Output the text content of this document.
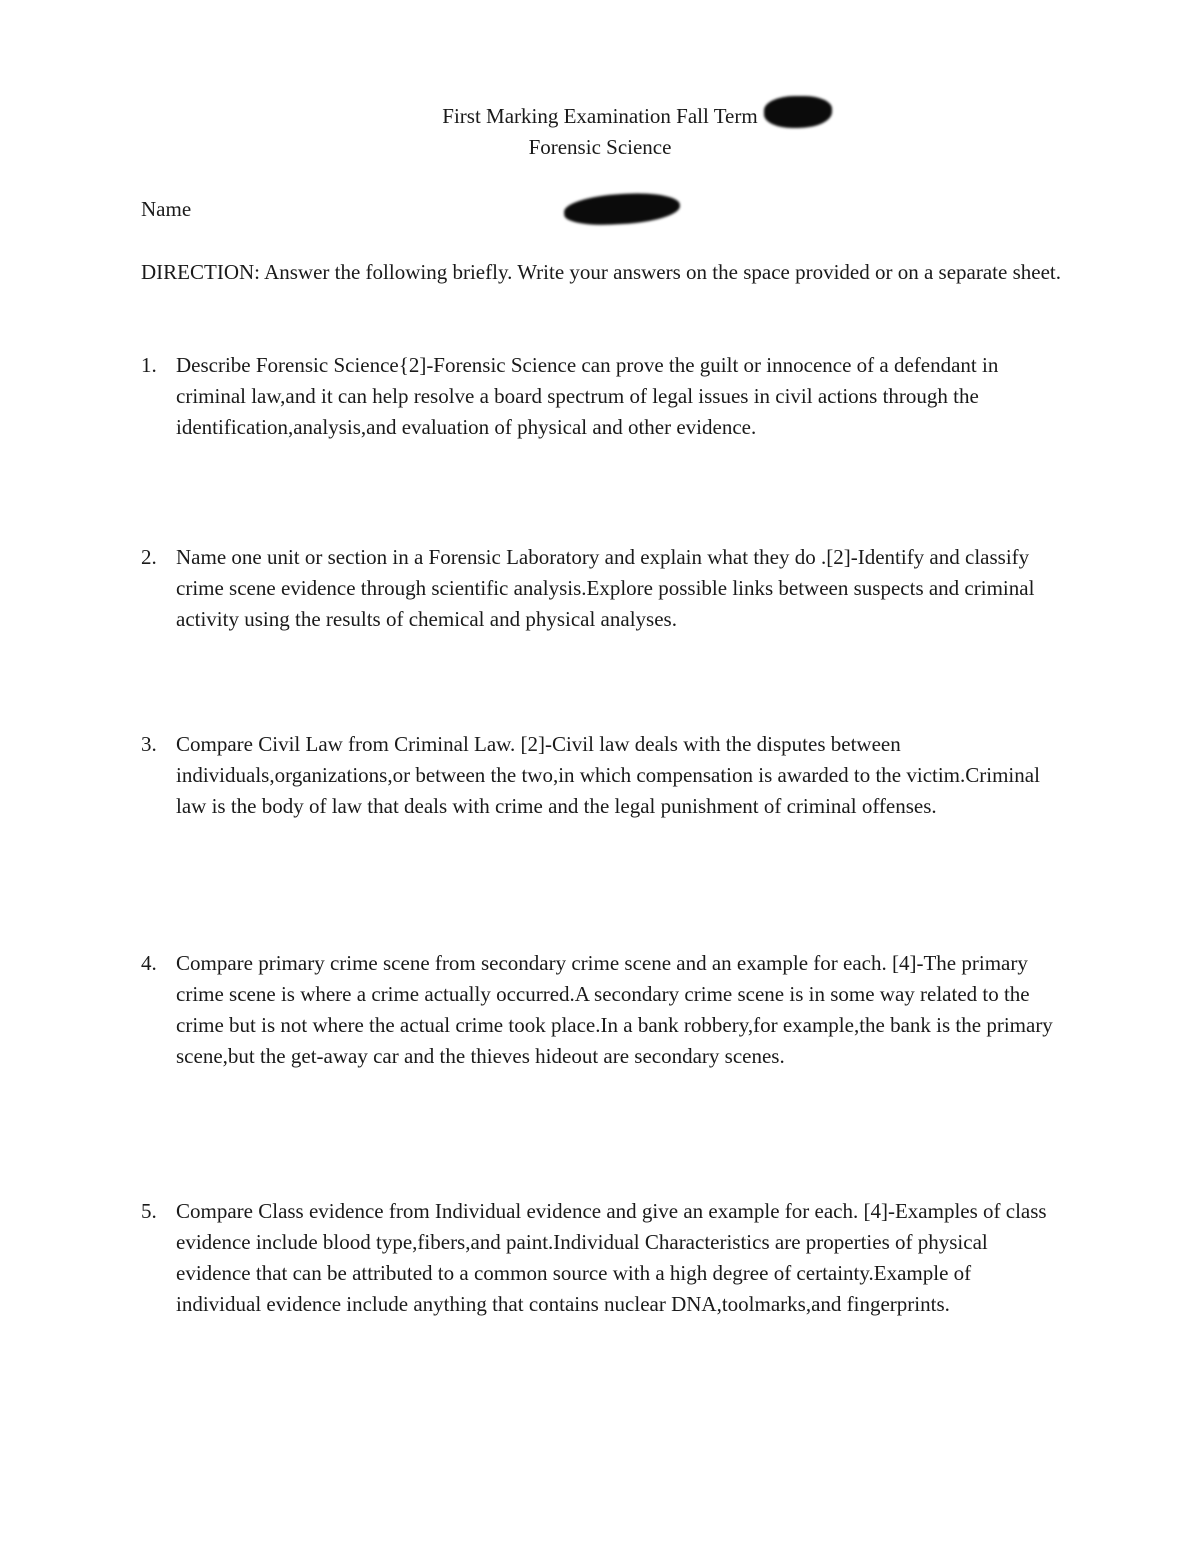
First Marking Examination Fall Term
Forensic Science
Name
DIRECTION: Answer the following briefly. Write your answers on the space provided or on a separate sheet.
1. Describe Forensic Science{2]-Forensic Science can prove the guilt or innocence of a defendant in criminal law,and it can help resolve a board spectrum of legal issues in civil actions through the identification,analysis,and evaluation of physical and other evidence.
2. Name one unit or section in a Forensic Laboratory and explain what they do .[2]-Identify and classify crime scene evidence through scientific analysis.Explore possible links between suspects and criminal activity using the results of chemical and physical analyses.
3. Compare Civil Law from Criminal Law. [2]-Civil law deals with the disputes between individuals,organizations,or between the two,in which compensation is awarded to the victim.Criminal law is the body of law that deals with crime and the legal punishment of criminal offenses.
4. Compare primary crime scene from secondary crime scene and an example for each. [4]-The primary crime scene is where a crime actually occurred.A secondary crime scene is in some way related to the crime but is not where the actual crime took place.In a bank robbery,for example,the bank is the primary scene,but the get-away car and the thieves hideout are secondary scenes.
5. Compare Class evidence from Individual evidence and give an example for each. [4]-Examples of class evidence include blood type,fibers,and paint.Individual Characteristics are properties of physical evidence that can be attributed to a common source with a high degree of certainty.Example of individual evidence include anything that contains nuclear DNA,toolmarks,and fingerprints.
